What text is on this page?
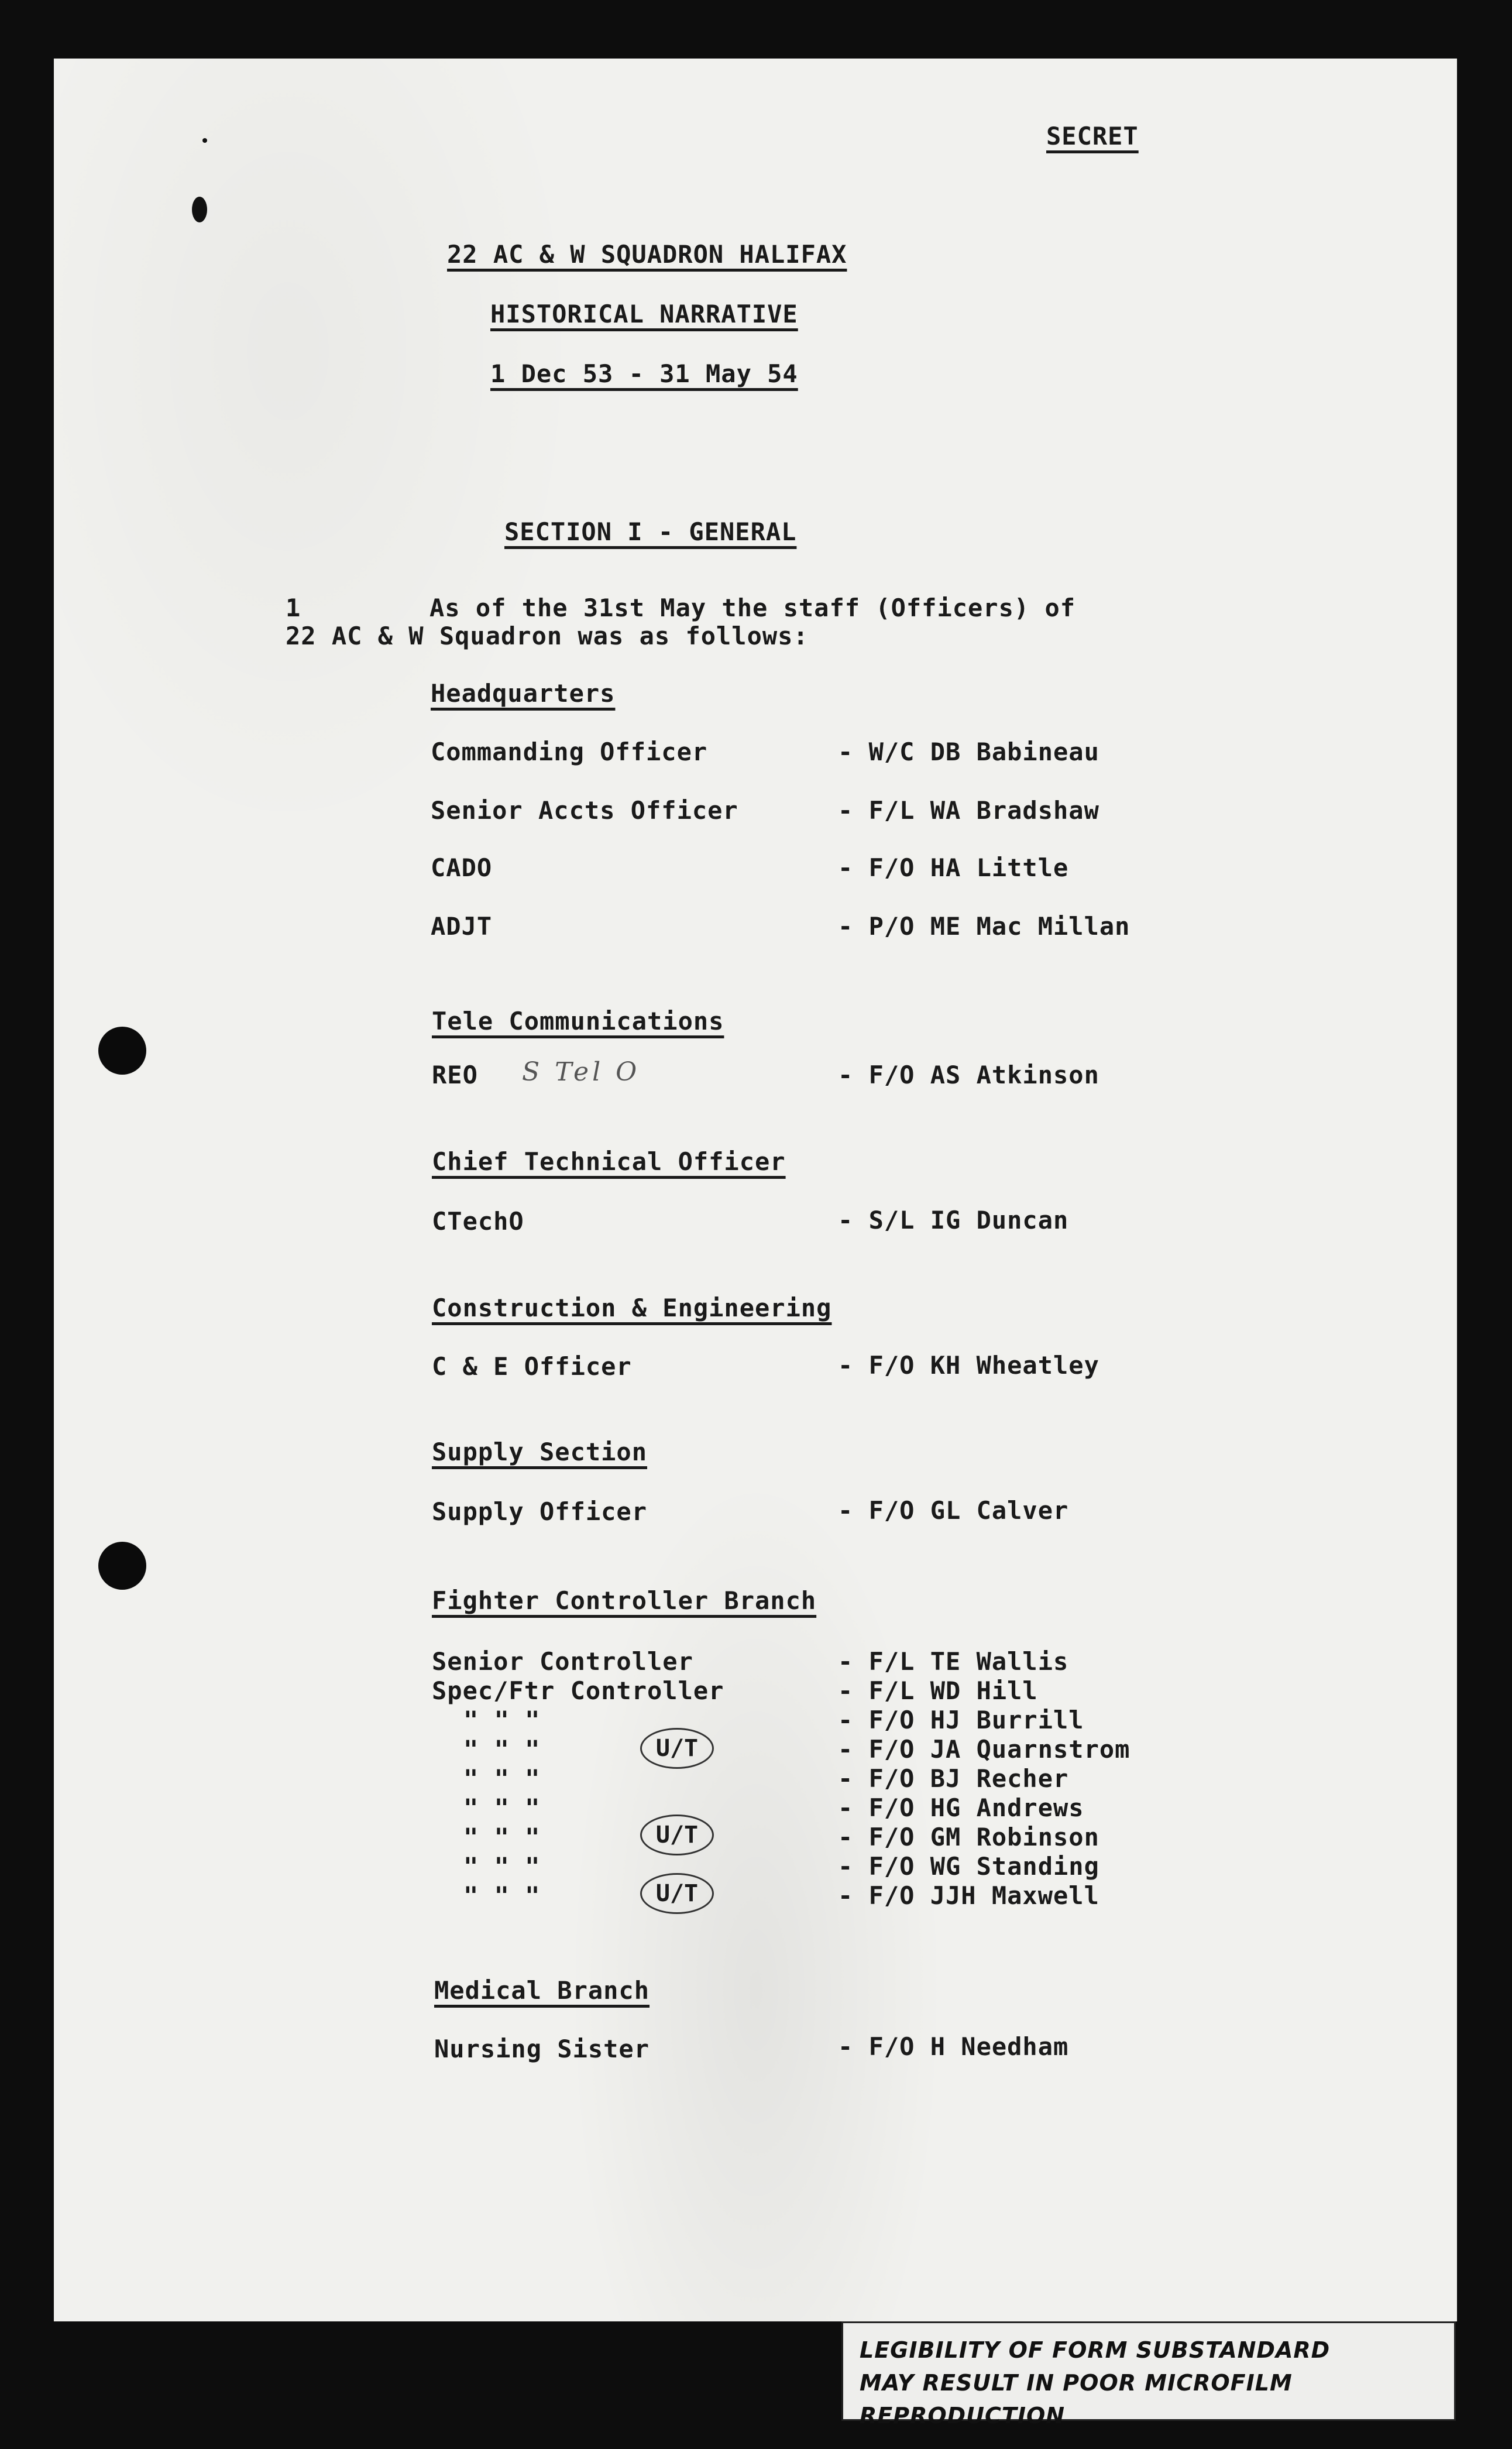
SECRET
22 AC & W SQUADRON HALIFAX
HISTORICAL NARRATIVE
1 Dec 53 - 31 May 54
SECTION I - GENERAL
1	As of the 31st May the staff (Officers) of
22 AC & W Squadron was as follows:
Headquarters
Commanding Officer	- W/C DB Babineau
Senior Accts Officer	- F/L WA Bradshaw
CADO	- F/O HA Little
ADJT	- P/O ME Mac Millan
Tele Communications
REO S Tel O	- F/O AS Atkinson
Chief Technical Officer
CTechO	- S/L IG Duncan
Construction & Engineering
C & E Officer	- F/O KH Wheatley
Supply Section
Supply Officer	- F/O GL Calver
Fighter Controller Branch
Senior Controller	- F/L TE Wallis
Spec/Ftr Controller	- F/L WD Hill
" " "	- F/O HJ Burrill
" " "	U/T	- F/O JA Quarnstrom
" " "	- F/O BJ Recher
" " "	- F/O HG Andrews
" " "	U/T	- F/O GM Robinson
" " "	- F/O WG Standing
" " "	U/T	- F/O JJH Maxwell
Medical Branch
Nursing Sister	- F/O H Needham
LEGIBILITY OF FORM SUBSTANDARD
MAY RESULT IN POOR MICROFILM REPRODUCTION
